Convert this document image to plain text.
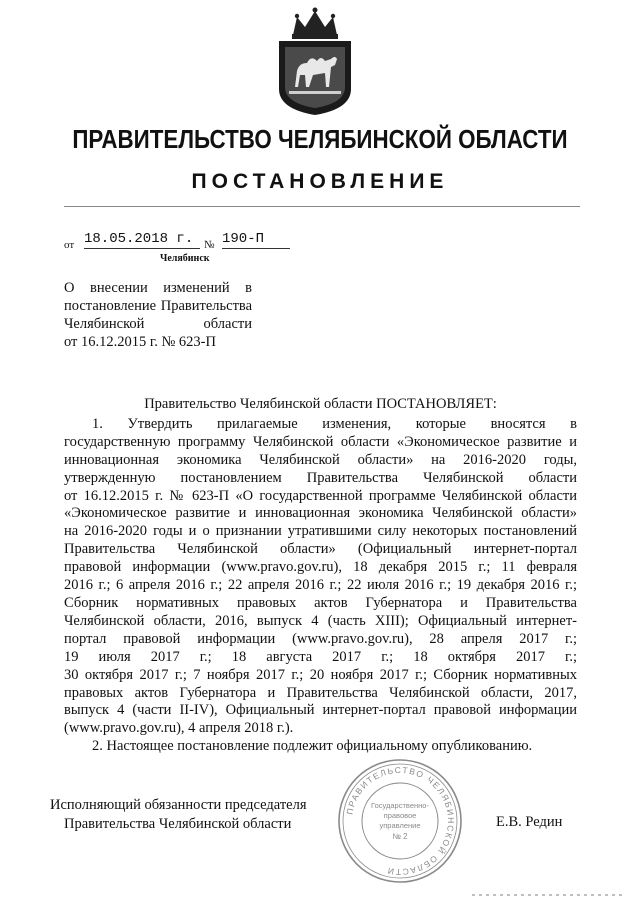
ПРАВИТЕЛЬСТВО ЧЕЛЯБИНСКОЙ ОБЛАСТИ
ПОСТАНОВЛЕНИЕ
от 18.05.2018 г. № 190-П
Челябинск
О внесении изменений в
постановление Правительства
Челябинской области
от 16.12.2015 г. № 623-П
Правительство Челябинской области ПОСТАНОВЛЯЕТ:
1. Утвердить прилагаемые изменения, которые вносятся в
государственную программу Челябинской области «Экономическое развитие и
инновационная экономика Челябинской области» на 2016-2020 годы,
утвержденную постановлением Правительства Челябинской области
от 16.12.2015 г. № 623-П «О государственной программе Челябинской области
«Экономическое развитие и инновационная экономика Челябинской области»
на 2016-2020 годы и о признании утратившими силу некоторых постановлений
Правительства Челябинской области» (Официальный интернет-портал
правовой информации (www.pravo.gov.ru), 18 декабря 2015 г.; 11 февраля
2016 г.; 6 апреля 2016 г.; 22 апреля 2016 г.; 22 июля 2016 г.; 19 декабря 2016 г.;
Сборник нормативных правовых актов Губернатора и Правительства
Челябинской области, 2016, выпуск 4 (часть XIII); Официальный интернет-
портал правовой информации (www.pravo.gov.ru), 28 апреля 2017 г.;
19 июля 2017 г.; 18 августа 2017 г.; 18 октября 2017 г.;
30 октября 2017 г.; 7 ноября 2017 г.; 20 ноября 2017 г.; Сборник нормативных
правовых актов Губернатора и Правительства Челябинской области, 2017,
выпуск 4 (части II-IV), Официальный интернет-портал правовой информации
(www.pravo.gov.ru), 4 апреля 2018 г.).
2. Настоящее постановление подлежит официальному опубликованию.
Исполняющий обязанности председателя
Правительства Челябинской области	Е.В. Редин
ПРАВИТЕЛЬСТВО ЧЕЛЯБИНСКОЙ ОБЛАСТИ
Государственно-
правовое
управление
№ 2
